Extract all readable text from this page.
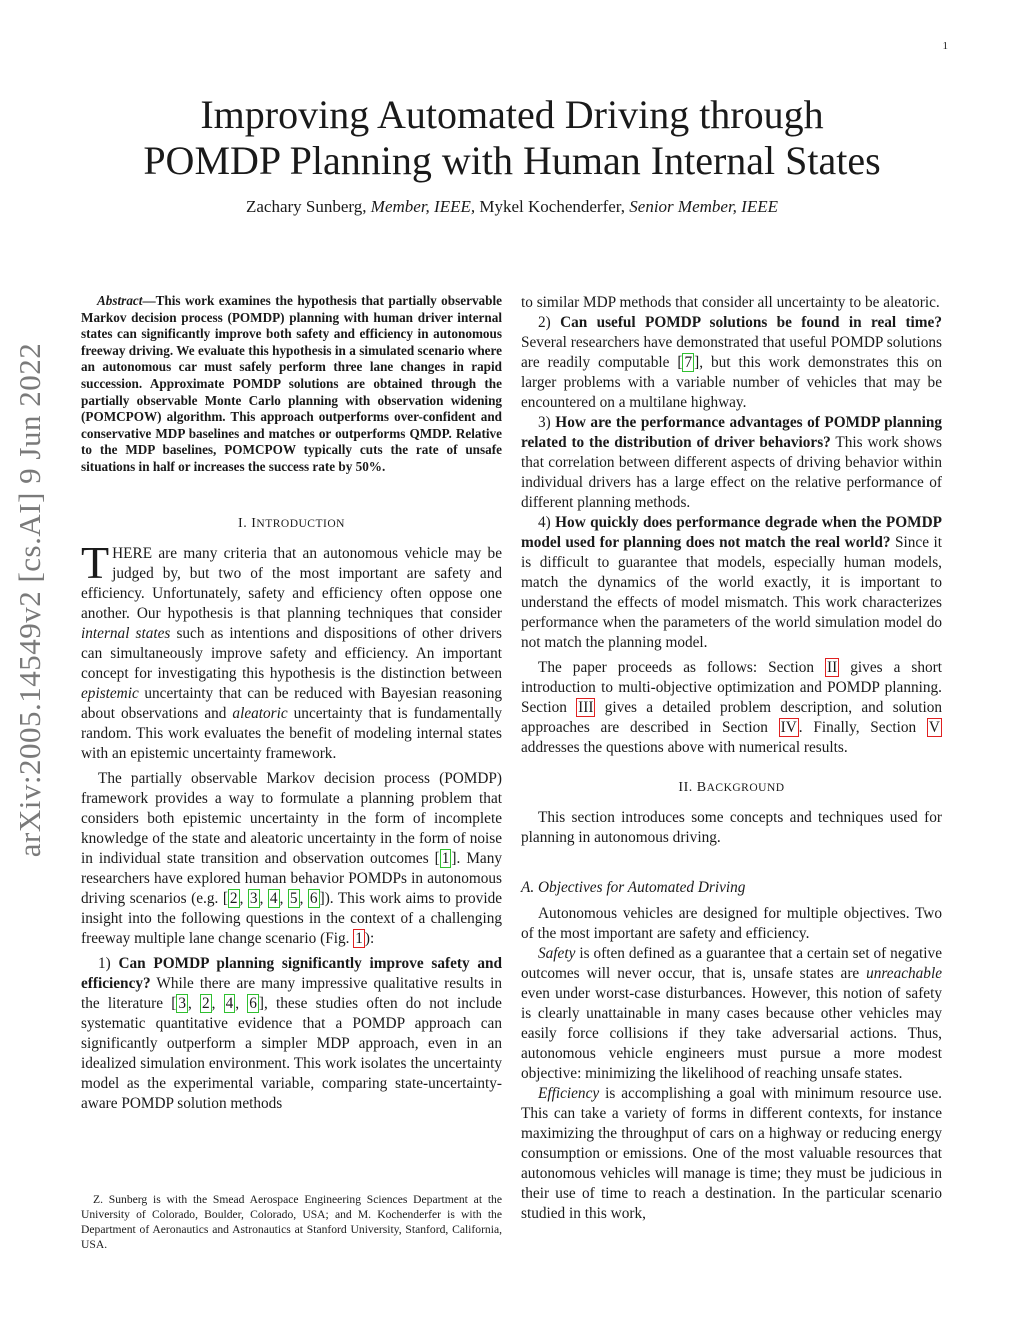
1
Improving Automated Driving through
POMDP Planning with Human Internal States
Zachary Sunberg, Member, IEEE, Mykel Kochenderfer, Senior Member, IEEE
arXiv:2005.14549v2 [cs.AI] 9 Jun 2022

Abstract—This work examines the hypothesis that partially observable Markov decision process (POMDP) planning with human driver internal states can significantly improve both safety and efficiency in autonomous freeway driving. We evaluate this hypothesis in a simulated scenario where an autonomous car must safely perform three lane changes in rapid succession. Approximate POMDP solutions are obtained through the partially observable Monte Carlo planning with observation widening (POMCPOW) algorithm. This approach outperforms over-confident and conservative MDP baselines and matches or outperforms QMDP. Relative to the MDP baselines, POMCPOW typically cuts the rate of unsafe situations in half or increases the success rate by 50%.

I. INTRODUCTION

THERE are many criteria that an autonomous vehicle may be judged by, but two of the most important are safety and efficiency. Unfortunately, safety and efficiency often oppose one another. Our hypothesis is that planning techniques that consider internal states such as intentions and dispositions of other drivers can simultaneously improve safety and efficiency. An important concept for investigating this hypothesis is the distinction between epistemic uncertainty that can be reduced with Bayesian reasoning about observations and aleatoric uncertainty that is fundamentally random. This work evaluates the benefit of modeling internal states with an epistemic uncertainty framework.

The partially observable Markov decision process (POMDP) framework provides a way to formulate a planning problem that considers both epistemic uncertainty in the form of incomplete knowledge of the state and aleatoric uncertainty in the form of noise in individual state transition and observation outcomes [ 1 ]. Many researchers have explored human behavior POMDPs in autonomous driving scenarios (e.g. [ 2 , 3 , 4 , 5 , 6 ]). This work aims to provide insight into the following questions in the context of a challenging freeway multiple lane change scenario (Fig. 1 ):

1) Can POMDP planning significantly improve safety and efficiency? While there are many impressive qualitative results in the literature [ 3 , 2 , 4 , 6 ], these studies often do not include systematic quantitative evidence that a POMDP approach can significantly outperform a simpler MDP approach, even in an idealized simulation environment. This work isolates the uncertainty model as the experimental variable, comparing state-uncertainty-aware POMDP solution methods

Z. Sunberg is with the Smead Aerospace Engineering Sciences Department at the University of Colorado, Boulder, Colorado, USA; and M. Kochenderfer is with the Department of Aeronautics and Astronautics at Stanford University, Stanford, California, USA.

to similar MDP methods that consider all uncertainty to be aleatoric.

2) Can useful POMDP solutions be found in real time? Several researchers have demonstrated that useful POMDP solutions are readily computable [ 7 ], but this work demonstrates this on larger problems with a variable number of vehicles that may be encountered on a multilane highway.

3) How are the performance advantages of POMDP planning related to the distribution of driver behaviors? This work shows that correlation between different aspects of driving behavior within individual drivers has a large effect on the relative performance of different planning methods.

4) How quickly does performance degrade when the POMDP model used for planning does not match the real world? Since it is difficult to guarantee that models, especially human models, match the dynamics of the world exactly, it is important to understand the effects of model mismatch. This work characterizes performance when the parameters of the world simulation model do not match the planning model.

The paper proceeds as follows: Section II gives a short introduction to multi-objective optimization and POMDP planning. Section III gives a detailed problem description, and solution approaches are described in Section IV . Finally, Section V addresses the questions above with numerical results.

II. BACKGROUND

This section introduces some concepts and techniques used for planning in autonomous driving.

A. Objectives for Automated Driving

Autonomous vehicles are designed for multiple objectives. Two of the most important are safety and efficiency.

Safety is often defined as a guarantee that a certain set of negative outcomes will never occur, that is, unsafe states are unreachable even under worst-case disturbances. However, this notion of safety is clearly unattainable in many cases because other vehicles may easily force collisions if they take adversarial actions. Thus, autonomous vehicle engineers must pursue a more modest objective: minimizing the likelihood of reaching unsafe states.

Efficiency is accomplishing a goal with minimum resource use. This can take a variety of forms in different contexts, for instance maximizing the throughput of cars on a highway or reducing energy consumption or emissions. One of the most valuable resources that autonomous vehicles will manage is time; they must be judicious in their use of time to reach a destination. In the particular scenario studied in this work,
